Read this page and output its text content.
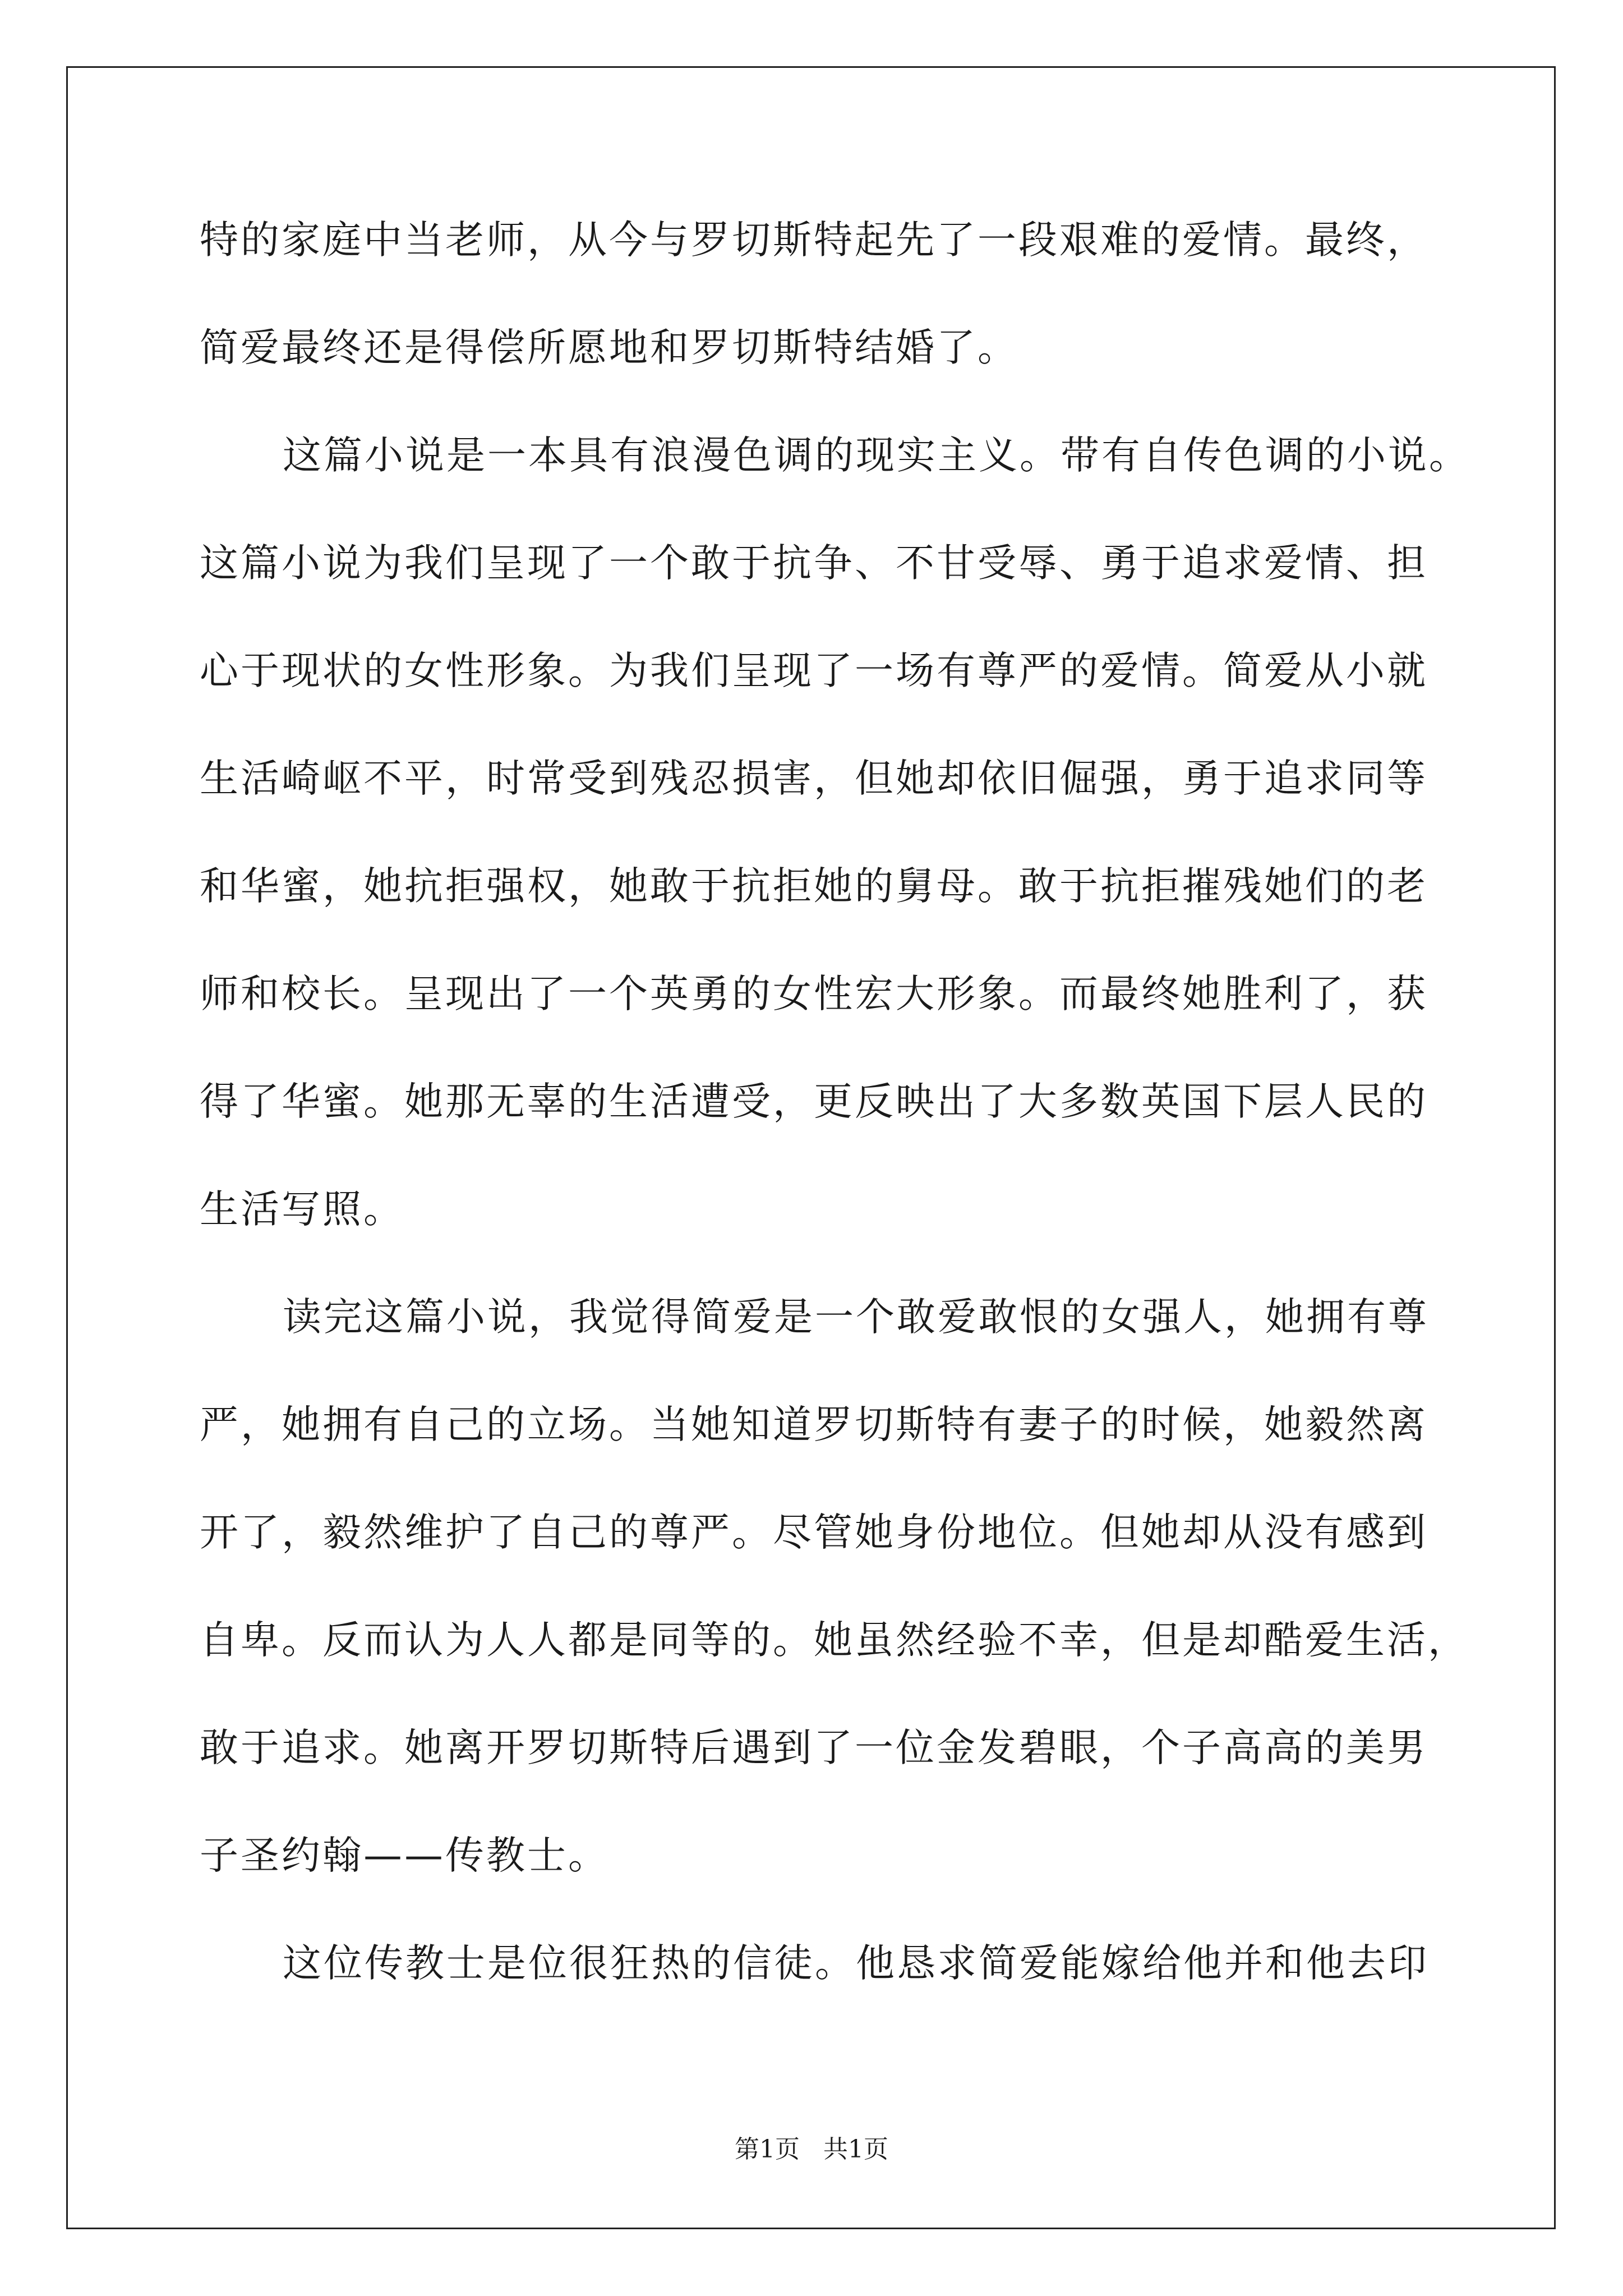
特的家庭中当老师，从今与罗切斯特起先了一段艰难的爱情。最终，
简爱最终还是得偿所愿地和罗切斯特结婚了。
这篇小说是一本具有浪漫色调的现实主义。带有自传色调的小说。
这篇小说为我们呈现了一个敢于抗争、不甘受辱、勇于追求爱情、担
心于现状的女性形象。为我们呈现了一场有尊严的爱情。简爱从小就
生活崎岖不平，时常受到残忍损害，但她却依旧倔强，勇于追求同等
和华蜜，她抗拒强权，她敢于抗拒她的舅母。敢于抗拒摧残她们的老
师和校长。呈现出了一个英勇的女性宏大形象。而最终她胜利了，获
得了华蜜。她那无辜的生活遭受，更反映出了大多数英国下层人民的
生活写照。
读完这篇小说，我觉得简爱是一个敢爱敢恨的女强人，她拥有尊
严，她拥有自己的立场。当她知道罗切斯特有妻子的时候，她毅然离
开了，毅然维护了自己的尊严。尽管她身份地位。但她却从没有感到
自卑。反而认为人人都是同等的。她虽然经验不幸，但是却酷爱生活，
敢于追求。她离开罗切斯特后遇到了一位金发碧眼，个子高高的美男
子圣约翰——传教士。
这位传教士是位很狂热的信徒。他恳求简爱能嫁给他并和他去印
第1页   共1页
